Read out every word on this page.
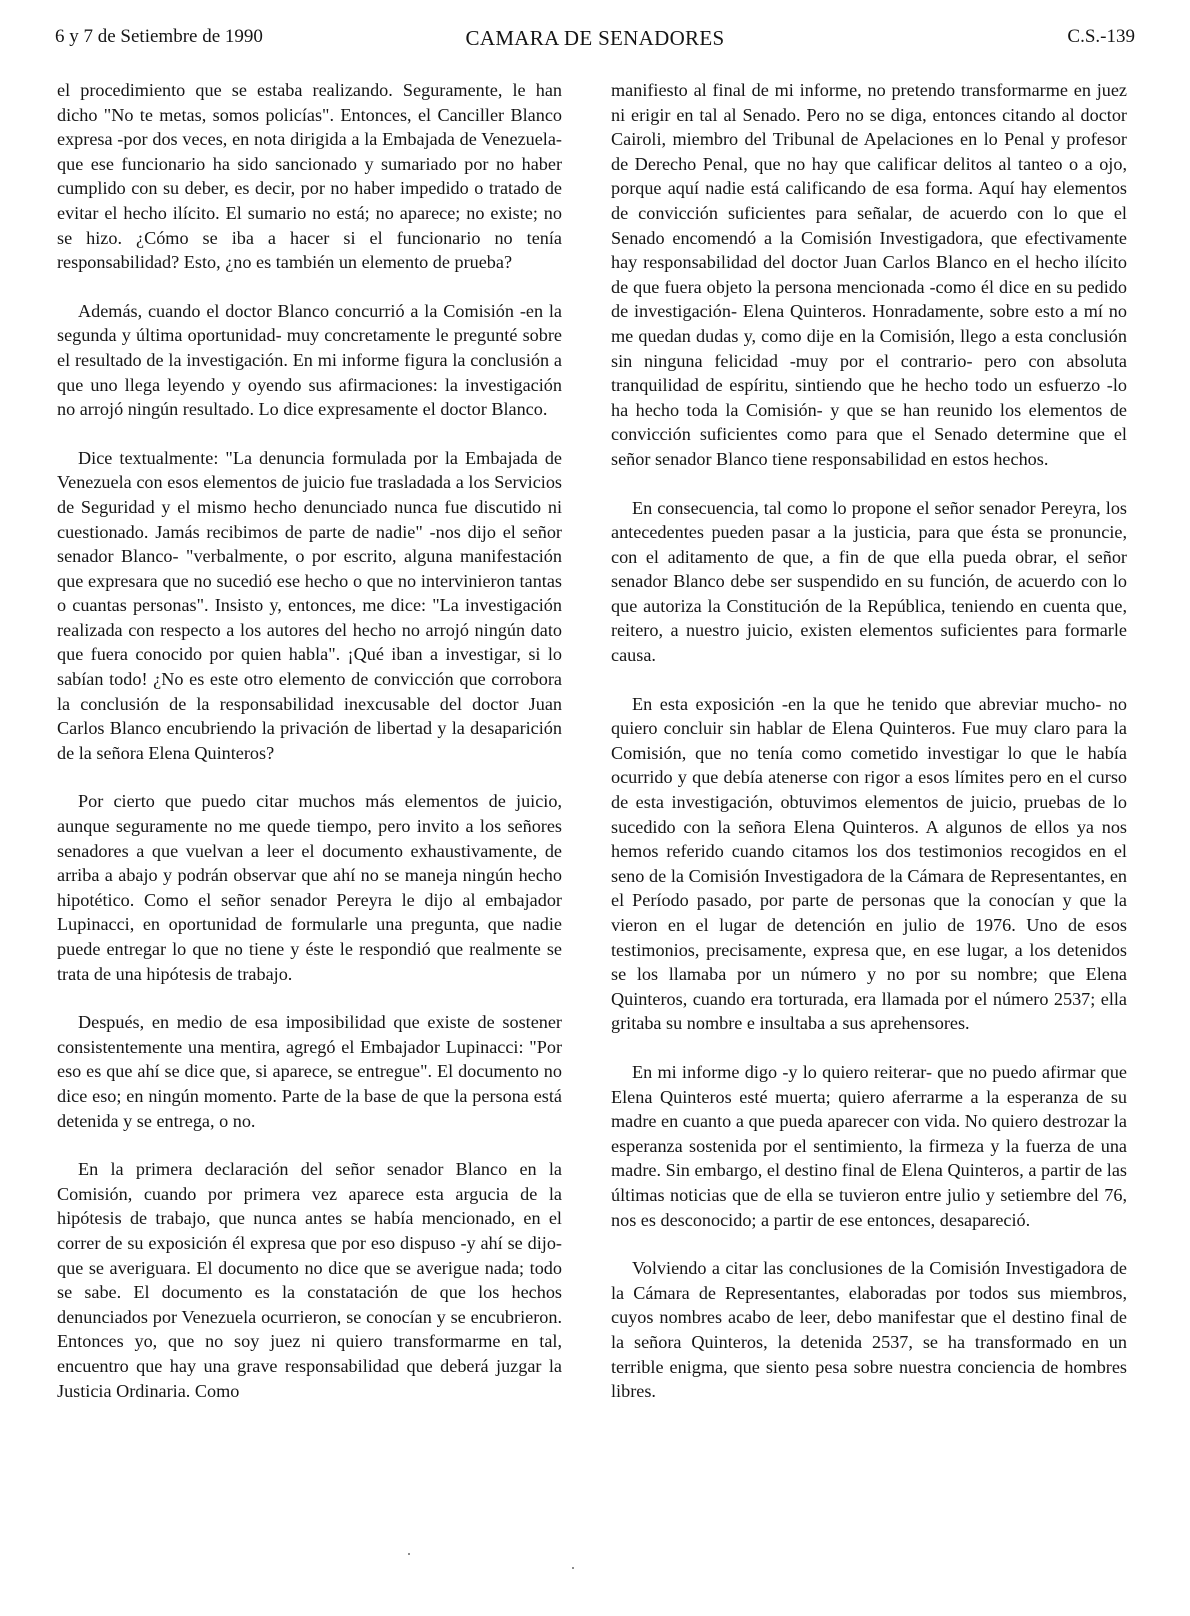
6 y 7 de Setiembre de 1990	CAMARA DE SENADORES	C.S.-139

el procedimiento que se estaba realizando. Seguramente, le han dicho "No te metas, somos policías". Entonces, el Canciller Blanco expresa -por dos veces, en nota dirigida a la Embajada de Venezuela- que ese funcionario ha sido sancionado y sumariado por no haber cumplido con su deber, es decir, por no haber impedido o tratado de evitar el hecho ilícito. El sumario no está; no aparece; no existe; no se hizo. ¿Cómo se iba a hacer si el funcionario no tenía responsabilidad? Esto, ¿no es también un elemento de prueba?

Además, cuando el doctor Blanco concurrió a la Comisión -en la segunda y última oportunidad- muy concretamente le pregunté sobre el resultado de la investigación. En mi informe figura la conclusión a que uno llega leyendo y oyendo sus afirmaciones: la investigación no arrojó ningún resultado. Lo dice expresamente el doctor Blanco.

Dice textualmente: "La denuncia formulada por la Embajada de Venezuela con esos elementos de juicio fue trasladada a los Servicios de Seguridad y el mismo hecho denunciado nunca fue discutido ni cuestionado. Jamás recibimos de parte de nadie" -nos dijo el señor senador Blanco- "verbalmente, o por escrito, alguna manifestación que expresara que no sucedió ese hecho o que no intervinieron tantas o cuantas personas". Insisto y, entonces, me dice: "La investigación realizada con respecto a los autores del hecho no arrojó ningún dato que fuera conocido por quien habla". ¡Qué iban a investigar, si lo sabían todo! ¿No es este otro elemento de convicción que corrobora la conclusión de la responsabilidad inexcusable del doctor Juan Carlos Blanco encubriendo la privación de libertad y la desaparición de la señora Elena Quinteros?

Por cierto que puedo citar muchos más elementos de juicio, aunque seguramente no me quede tiempo, pero invito a los señores senadores a que vuelvan a leer el documento exhaustivamente, de arriba a abajo y podrán observar que ahí no se maneja ningún hecho hipotético. Como el señor senador Pereyra le dijo al embajador Lupinacci, en oportunidad de formularle una pregunta, que nadie puede entregar lo que no tiene y éste le respondió que realmente se trata de una hipótesis de trabajo.

Después, en medio de esa imposibilidad que existe de sostener consistentemente una mentira, agregó el Embajador Lupinacci: "Por eso es que ahí se dice que, si aparece, se entregue". El documento no dice eso; en ningún momento. Parte de la base de que la persona está detenida y se entrega, o no.

En la primera declaración del señor senador Blanco en la Comisión, cuando por primera vez aparece esta argucia de la hipótesis de trabajo, que nunca antes se había mencionado, en el correr de su exposición él expresa que por eso dispuso -y ahí se dijo- que se averiguara. El documento no dice que se averigue nada; todo se sabe. El documento es la constatación de que los hechos denunciados por Venezuela ocurrieron, se conocían y se encubrieron. Entonces yo, que no soy juez ni quiero transformarme en tal, encuentro que hay una grave responsabilidad que deberá juzgar la Justicia Ordinaria. Como

manifiesto al final de mi informe, no pretendo transformarme en juez ni erigir en tal al Senado. Pero no se diga, entonces citando al doctor Cairoli, miembro del Tribunal de Apelaciones en lo Penal y profesor de Derecho Penal, que no hay que calificar delitos al tanteo o a ojo, porque aquí nadie está calificando de esa forma. Aquí hay elementos de convicción suficientes para señalar, de acuerdo con lo que el Senado encomendó a la Comisión Investigadora, que efectivamente hay responsabilidad del doctor Juan Carlos Blanco en el hecho ilícito de que fuera objeto la persona mencionada -como él dice en su pedido de investigación- Elena Quinteros. Honradamente, sobre esto a mí no me quedan dudas y, como dije en la Comisión, llego a esta conclusión sin ninguna felicidad -muy por el contrario- pero con absoluta tranquilidad de espíritu, sintiendo que he hecho todo un esfuerzo -lo ha hecho toda la Comisión- y que se han reunido los elementos de convicción suficientes como para que el Senado determine que el señor senador Blanco tiene responsabilidad en estos hechos.

En consecuencia, tal como lo propone el señor senador Pereyra, los antecedentes pueden pasar a la justicia, para que ésta se pronuncie, con el aditamento de que, a fin de que ella pueda obrar, el señor senador Blanco debe ser suspendido en su función, de acuerdo con lo que autoriza la Constitución de la República, teniendo en cuenta que, reitero, a nuestro juicio, existen elementos suficientes para formarle causa.

En esta exposición -en la que he tenido que abreviar mucho- no quiero concluir sin hablar de Elena Quinteros. Fue muy claro para la Comisión, que no tenía como cometido investigar lo que le había ocurrido y que debía atenerse con rigor a esos límites pero en el curso de esta investigación, obtuvimos elementos de juicio, pruebas de lo sucedido con la señora Elena Quinteros. A algunos de ellos ya nos hemos referido cuando citamos los dos testimonios recogidos en el seno de la Comisión Investigadora de la Cámara de Representantes, en el Período pasado, por parte de personas que la conocían y que la vieron en el lugar de detención en julio de 1976. Uno de esos testimonios, precisamente, expresa que, en ese lugar, a los detenidos se los llamaba por un número y no por su nombre; que Elena Quinteros, cuando era torturada, era llamada por el número 2537; ella gritaba su nombre e insultaba a sus aprehensores.

En mi informe digo -y lo quiero reiterar- que no puedo afirmar que Elena Quinteros esté muerta; quiero aferrarme a la esperanza de su madre en cuanto a que pueda aparecer con vida. No quiero destrozar la esperanza sostenida por el sentimiento, la firmeza y la fuerza de una madre. Sin embargo, el destino final de Elena Quinteros, a partir de las últimas noticias que de ella se tuvieron entre julio y setiembre del 76, nos es desconocido; a partir de ese entonces, desapareció.

Volviendo a citar las conclusiones de la Comisión Investigadora de la Cámara de Representantes, elaboradas por todos sus miembros, cuyos nombres acabo de leer, debo manifestar que el destino final de la señora Quinteros, la detenida 2537, se ha transformado en un terrible enigma, que siento pesa sobre nuestra conciencia de hombres libres.
